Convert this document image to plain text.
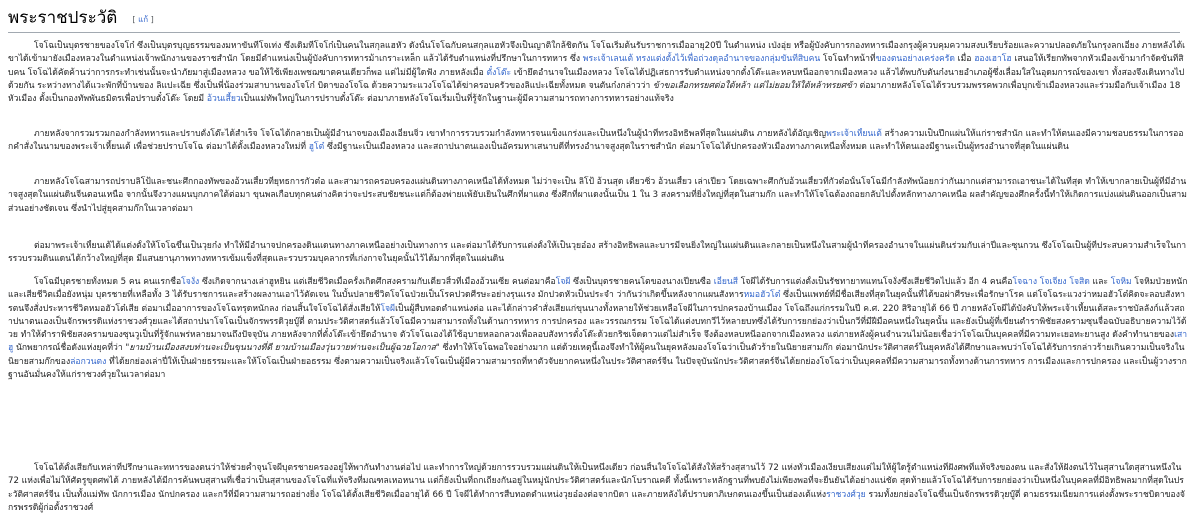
พระราชประวัติ [ แก้ ]

โจโฉเป็นบุตรชายของโจโก๋ ซึ่งเป็นบุตรบุญธรรมของมหาขันทีโจเท่ง ซึ่งเดิมทีโจโก๋เป็นคนในสกุลแฮหัว ดังนั้นโจโฉกับคนสกุลแฮหัวจึงเป็นญาติใกล้ชิดกัน โจโฉเริ่มต้นรับราชการเมื่ออายุ20ปี ในตำแหน่ง เป่งอุ่ย หรือผู้บังคับการกองทหารเมืองกรุงผู้ควบคุมความสงบเรียบร้อยและความปลอดภัยในกรุงลกเอี๋ยง ภายหลังได้เขาได้เข้ามายังเมืองหลวงในตำแหน่งเจ้าพนักงานของราชสำนัก โดยมีตำแหน่งเป็นผู้บังคับการทหารม้าเกราะเหล็ก แล้วได้รับตำแหน่งที่ปรึกษาในการทหาร ซึ่ง พระเจ้าเลนเต้ ทรงแต่งตั้งไว้เพื่อถ่วงดุลอำนาจของกลุ่มขันทีสิบคน โจโฉทำหน้าที่ของตนอย่างเคร่งครัด เมื่อ ฮองเฮาโฮ เสนอให้เรียกทัพจากหัวเมืองเข้ามากำจัดขันทีสิบคน โจโฉได้คัดค้านว่าการกระทำเช่นนั้นจะนำภัยมาสู่เมืองหลวง ขอให้ใช้เพียงเพชฌฆาตคนเดียวก็พอ แต่ไม่มีผู้ใดฟัง ภายหลังเมื่อ ตั๋งโต๊ะ เข้ายึดอำนาจในเมืองหลวง โจโฉได้ปฏิเสธการรับตำแหน่งจากตั๋งโต๊ะและหลบหนีออกจากเมืองหลวง แล้วได้พบกับตันก๋งนายอำเภอผู้ซึ่งเลื่อมใสในอุดมการณ์ของเขา ทั้งสองจึงเดินทางไปด้วยกัน ระหว่างทางได้แวะพักที่บ้านของ ลิแปะเฉีย ซึ่งเป็นพี่น้องร่วมสาบานของโจโก๋ บิดาของโจโฉ ด้วยความระแวงโจโฉได้ฆ่าครอบครัวของลิแปะเฉียทั้งหมด จนตันก๋งกล่าวว่า ข้าขอเลือกทรยศต่อใต้หล้า แต่ไม่ยอมให้ใต้หล้าทรยศข้า ต่อมาภายหลังโจโฉได้รวบรวมพรรคพวกเพื่อบุกเข้าเมืองหลวงและร่วมมือกับเจ้าเมือง 18 หัวเมือง ตั้งเป็นกองทัพพันธมิตรเพื่อปราบตั๋งโต๊ะ โดยมี อ้วนเสี้ยวเป็นแม่ทัพใหญ่ในการปราบตั๋งโต๊ะ ต่อมาภายหลังโจโฉเริ่มเป็นที่รู้จักในฐานะผู้มีความสามารถทางการทหารอย่างแท้จริง

ภายหลังจากรวมรวมกองกำลังทหารและปราบตั๋งโต๊ะได้สำเร็จ โจโฉได้กลายเป็นผู้มีอำนาจของเมืองเอี๋ยนจิ๋ว เขาทำการรวบรวมกำลังทหารจนแข็งแกร่งและเป็นหนึ่งในผู้นำที่ทรงอิทธิพลที่สุดในแผ่นดิน ภายหลังได้อัญเชิญพระเจ้าเหี้ยนเต้ สร้างความเป็นปึกแผ่นให้แก่ราชสำนัก และทำให้ตนเองมีความชอบธรรมในการออกคำสั่งในนามของพระเจ้าเหี้ยนเต้ เพื่อช่วยปราบโจโฉ ต่อมาได้ตั้งเมืองหลวงใหม่ที่ ฮูโต๋ ซึ่งมีฐานะเป็นเมืองหลวง และสถาปนาตนเองเป็นอัครมหาเสนาบดีที่ทรงอำนาจสูงสุดในราชสำนัก ต่อมาโจโฉได้ปกครองหัวเมืองทางภาคเหนือทั้งหมด และทำให้ตนเองมีฐานะเป็นผู้ทรงอำนาจที่สุดในแผ่นดิน

ภายหลังโจโฉสามารถปราบลิโป้และชนะศึกกองทัพของอ้วนเสี้ยวที่ยุทธการกัวต๋อ และสามารถครอบครองแผ่นดินทางภาคเหนือได้ทั้งหมด ไม่ว่าจะเป็น ลิโป้ อ้วนสุด เตียวซิ่ว อ้วนเสี้ยว เล่าเปียว โดยเฉพาะศึกกับอ้วนเสี้ยวที่กัวต๋อนั้นโจโฉมีกำลังทัพน้อยกว่ากันมากแต่สามารถเอาชนะได้ในที่สุด ทำให้เขากลายเป็นผู้ที่มีอำนาจสูงสุดในแผ่นดินจีนตอนเหนือ จากนั้นจึงวางแผนบุกภาคใต้ต่อมา ขุนพลเกือบทุกคนต่างคิดว่าจะประสบชัยชนะแต่ก็ต้องพ่ายแพ้ยับเยินในศึกที่ผาแดง ซึ่งศึกที่ผาแดงนั้นเป็น 1 ใน 3 สงครามที่ยิ่งใหญ่ที่สุดในสามก๊ก และทำให้โจโฉต้องถอยกลับไปตั้งหลักทางภาคเหนือ ผลสำคัญของศึกครั้งนี้ทำให้เกิดการแบ่งแผ่นดินออกเป็นสามส่วนอย่างชัดเจน ซึ่งนำไปสู่ยุคสามก๊กในเวลาต่อมา

ต่อมาพระเจ้าเหี้ยนเต้ได้แต่งตั้งให้โจโฉขึ้นเป็นวุยก๋ง ทำให้มีอำนาจปกครองดินแดนทางภาคเหนืออย่างเป็นทางการ และต่อมาได้รับการแต่งตั้งให้เป็นวุยอ๋อง สร้างอิทธิพลและบารมีจนยิ่งใหญ่ในแผ่นดินและกลายเป็นหนึ่งในสามผู้นำที่ครองอำนาจในแผ่นดินร่วมกับเล่าปี่และซุนกวน ซึ่งโจโฉเป็นผู้ที่ประสบความสำเร็จในการรวบรวมดินแดนได้กว้างใหญ่ที่สุด มีแสนยานุภาพทางทหารเข้มแข็งที่สุดและรวบรวมบุคลากรที่เก่งกาจในยุคนั้นไว้ได้มากที่สุดในแผ่นดิน

โจโฉมีบุตรชายทั้งหมด 5 คน คนแรกชื่อโจงั่ง ซึ่งเกิดจากนางเล่าฮูหยิน แต่เสียชีวิตเมื่อครั้งเกิดศึกสงครามกับเตียวสิ้วที่เมืองอ้วนเซีย คนต่อมาคือโจผี ซึ่งเป็นบุตรชายคนโตของนางเปียนซือ เอี๋ยนสี โจผีได้รับการแต่งตั้งเป็นรัชทายาทแทนโจงั่งซึ่งเสียชีวิตไปแล้ว อีก 4 คนคือโจฉาง โจเจียง โจสิด และ โจหิม โจหิมป่วยหนักและเสียชีวิตเมื่อยังหนุ่ม บุตรชายที่เหลือทั้ง 3 ได้รับราชการและสร้างผลงานเอาไว้ตัดเจน ในบั้นปลายชีวิตโจโฉป่วยเป็นโรคปวดศีรษะอย่างรุนแรง มักปวดหัวเป็นประจำ ว่ากันว่าเกิดขึ้นหลังจากแผนสังหารหมอฮัวโต๋ ซึ่งเป็นแพทย์ที่มีชื่อเสียงที่สุดในยุคนั้นที่ได้ขอผ่าศีรษะเพื่อรักษาโรค แต่โจโฉระแวงว่าหมอฮัวโต๋คิดจะลอบสังหารตนจึงสั่งประหารชีวิตหมอฮัวโต๋เสีย ต่อมาเมื่ออาการของโจโฉทรุดหนักลง ก่อนสิ้นใจโจโฉได้สั่งเสียให้โจผีเป็นผู้สืบทอดตำแหน่งต่อ และได้กล่าวคำสั่งเสียแก่ขุนนางทั้งหลายให้ช่วยเหลือโจผีในการปกครองบ้านเมือง โจโฉถึงแก่กรรมในปี ค.ศ. 220 สิริอายุได้ 66 ปี ภายหลังโจผีได้บังคับให้พระเจ้าเหี้ยนเต้สละราชบัลลังก์แล้วสถาปนาตนเองเป็นจักรพรรดิแห่งราชวงศ์วุยและได้สถาปนาโจโฉเป็นจักรพรรดิวุยบู๊ตี่ ตามประวัติศาสตร์แล้วโจโฉมีความสามารถทั้งในด้านการทหาร การปกครอง และวรรณกรรม โจโฉได้แต่งบทกวีไว้หลายบทซึ่งได้รับการยกย่องว่าเป็นกวีที่มีฝีมือคนหนึ่งในยุคนั้น และยังเป็นผู้ที่เขียนตำราพิชัยสงครามซุนจื่อฉบับอธิบายความไว้ด้วย ทำให้ตำราพิชัยสงครามของซุนวูเป็นที่รู้จักแพร่หลายมาจนถึงปัจจุบัน ภายหลังจากที่ตั๋งโต๊ะเข้ายึดอำนาจ ตัวโจโฉเองได้ใช้อุบายหลอกลวงเพื่อลอบสังหารตั๋งโต๊ะด้วยกริชเจ็ดดาวแต่ไม่สำเร็จ จึงต้องหลบหนีออกจากเมืองหลวง แต่ภายหลังผู้คนจำนวนไม่น้อยเชื่อว่าโจโฉเป็นบุคคลที่มีความทะเยอทะยานสูง ดังคำทำนายของเสาฮู นักพยากรณ์ชื่อดังแห่งยุคที่ว่า "ยามบ้านเมืองสงบท่านจะเป็นขุนนางที่ดี ยามบ้านเมืองวุ่นวายท่านจะเป็นผู้ฉวยโอกาส" ซึ่งทำให้โจโฉพอใจอย่างมาก แต่ด้วยเหตุนี้เองจึงทำให้ผู้คนในยุคหลังมองโจโฉว่าเป็นตัวร้ายในนิยายสามก๊ก ต่อมานักประวัติศาสตร์ในยุคหลังได้ศึกษาและพบว่าโจโฉได้รับการกล่าวร้ายเกินความเป็นจริงในนิยายสามก๊กของล่อกวนตง ที่ได้ยกย่องเล่าปี่ให้เป็นฝ่ายธรรมะและให้โจโฉเป็นฝ่ายอธรรม ซึ่งตามความเป็นจริงแล้วโจโฉเป็นผู้มีความสามารถที่หาตัวจับยากคนหนึ่งในประวัติศาสตร์จีน ในปัจจุบันนักประวัติศาสตร์จีนได้ยกย่องโจโฉว่าเป็นบุคคลที่มีความสามารถทั้งทางด้านการทหาร การเมืองและการปกครอง และเป็นผู้วางรากฐานอันมั่นคงให้แก่ราชวงศ์วุยในเวลาต่อมา

โจโฉได้ตั้งเสียกับเหล่าที่ปรึกษาและทหารของตนว่าให้ช่วยค้ำจุนโจผีบุตรชายครองอยู่ให้พากันทำงานต่อไป และทำการใหญ่ด้วยการรวบรวมแผ่นดินให้เป็นหนึ่งเดียว ก่อนสิ้นใจโจโฉได้สั่งให้สร้างสุสานไว้ 72 แห่งทั่วเมืองเงียบเสียงแต่ไม่ให้ผู้ใดรู้ตำแหน่งที่ฝังศพที่แท้จริงของตน และสั่งให้ฝังตนไว้ในสุสานใดสุสานหนึ่งใน 72 แห่งเพื่อไม่ให้ศัตรูขุดศพได้ ภายหลังได้มีการค้นพบสุสานที่เชื่อว่าเป็นสุสานของโจโฉที่แท้จริงที่มณฑลเหอหนาน แต่ก็ยังเป็นที่ถกเถียงกันอยู่ในหมู่นักประวัติศาสตร์และนักโบราณคดี ทั้งนี้เพราะหลักฐานที่พบยังไม่เพียงพอที่จะยืนยันได้อย่างแน่ชัด สุดท้ายแล้วโจโฉได้รับการยกย่องว่าเป็นหนึ่งในบุคคลที่มีอิทธิพลมากที่สุดในประวัติศาสตร์จีน เป็นทั้งแม่ทัพ นักการเมือง นักปกครอง และกวีที่มีความสามารถอย่างยิ่ง โจโฉได้ตั้งเสียชีวิตเมื่ออายุได้ 66 ปี โจผีได้ทำการสืบทอดตำแหน่งวุยอ๋องต่อจากบิดา และภายหลังได้ปราบดาภิเษกตนเองขึ้นเป็นฮ่องเต้แห่งราชวงศ์วุย รวมทั้งยกย่องโจโฉขึ้นเป็นจักรพรรดิวุยบู๊ตี่ ตามธรรมเนียมการแต่งตั้งพระราชบิดาของจักรพรรดิผู้ก่อตั้งราชวงศ์
